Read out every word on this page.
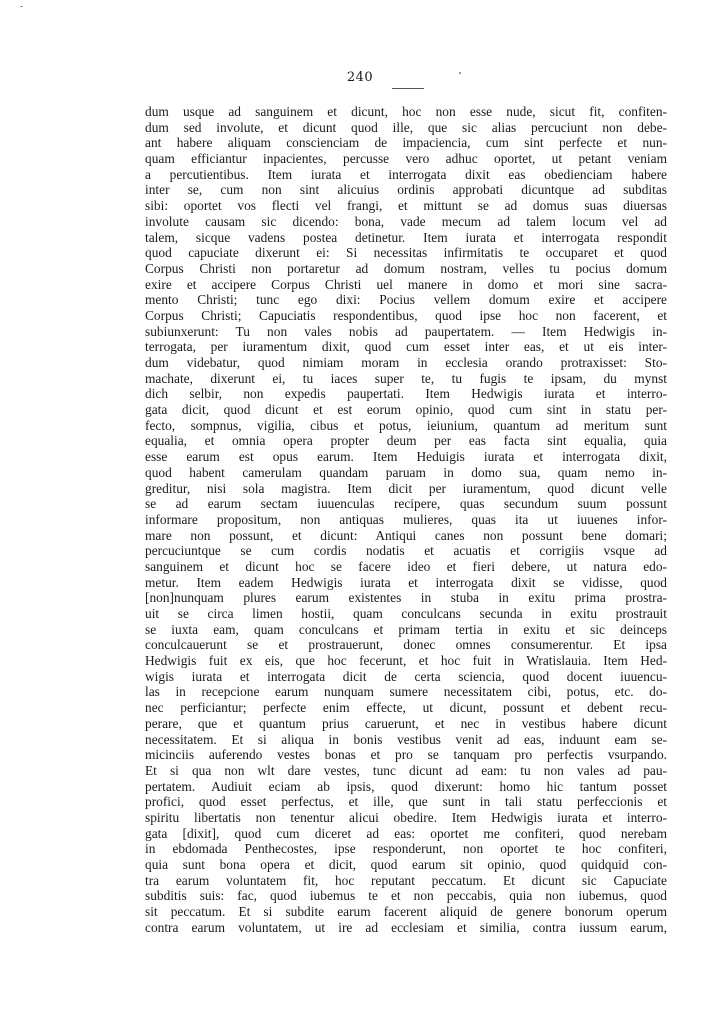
240
dum usque ad sanguinem et dicunt, hoc non esse nude, sicut fit, confiten-
dum sed involute, et dicunt quod ille, que sic alias percuciunt non debe-
ant habere aliquam conscienciam de impaciencia, cum sint perfecte et nun-
quam efficiantur inpacientes, percusse vero adhuc oportet, ut petant veniam
a percutientibus. Item iurata et interrogata dixit eas obedienciam habere
inter se, cum non sint alicuius ordinis approbati dicuntque ad subditas
sibi: oportet vos flecti vel frangi, et mittunt se ad domus suas diuersas
involute causam sic dicendo: bona, vade mecum ad talem locum vel ad
talem, sicque vadens postea detinetur. Item iurata et interrogata respondit
quod capuciate dixerunt ei: Si necessitas infirmitatis te occuparet et quod
Corpus Christi non portaretur ad domum nostram, velles tu pocius domum
exire et accipere Corpus Christi uel manere in domo et mori sine sacra-
mento Christi; tunc ego dixi: Pocius vellem domum exire et accipere
Corpus Christi; Capuciatis respondentibus, quod ipse hoc non facerent, et
subiunxerunt: Tu non vales nobis ad paupertatem. — Item Hedwigis in-
terrogata, per iuramentum dixit, quod cum esset inter eas, et ut eis inter-
dum videbatur, quod nimiam moram in ecclesia orando protraxisset: Sto-
machate, dixerunt ei, tu iaces super te, tu fugis te ipsam, du mynst
dich selbir, non expedis paupertati. Item Hedwigis iurata et interro-
gata dicit, quod dicunt et est eorum opinio, quod cum sint in statu per-
fecto, sompnus, vigilia, cibus et potus, ieiunium, quantum ad meritum sunt
equalia, et omnia opera propter deum per eas facta sint equalia, quia
esse earum est opus earum. Item Heduigis iurata et interrogata dixit,
quod habent camerulam quandam paruam in domo sua, quam nemo in-
greditur, nisi sola magistra. Item dicit per iuramentum, quod dicunt velle
se ad earum sectam iuuenculas recipere, quas secundum suum possunt
informare propositum, non antiquas mulieres, quas ita ut iuuenes infor-
mare non possunt, et dicunt: Antiqui canes non possunt bene domari;
percuciuntque se cum cordis nodatis et acuatis et corrigiis vsque ad
sanguinem et dicunt hoc se facere ideo et fieri debere, ut natura edo-
metur. Item eadem Hedwigis iurata et interrogata dixit se vidisse, quod
[non]nunquam plures earum existentes in stuba in exitu prima prostra-
uit se circa limen hostii, quam conculcans secunda in exitu prostrauit
se iuxta eam, quam conculcans et primam tertia in exitu et sic deinceps
conculcauerunt se et prostrauerunt, donec omnes consumerentur. Et ipsa
Hedwigis fuit ex eis, que hoc fecerunt, et hoc fuit in Wratislauia. Item Hed-
wigis iurata et interrogata dicit de certa sciencia, quod docent iuuencu-
las in recepcione earum nunquam sumere necessitatem cibi, potus, etc. do-
nec perficiantur; perfecte enim effecte, ut dicunt, possunt et debent recu-
perare, que et quantum prius caruerunt, et nec in vestibus habere dicunt
necessitatem. Et si aliqua in bonis vestibus venit ad eas, induunt eam se-
micinciis auferendo vestes bonas et pro se tanquam pro perfectis vsurpando.
Et si qua non wlt dare vestes, tunc dicunt ad eam: tu non vales ad pau-
pertatem. Audiuit eciam ab ipsis, quod dixerunt: homo hic tantum posset
profici, quod esset perfectus, et ille, que sunt in tali statu perfeccionis et
spiritu libertatis non tenentur alicui obedire. Item Hedwigis iurata et interro-
gata [dixit], quod cum diceret ad eas: oportet me confiteri, quod nerebam
in ebdomada Penthecostes, ipse responderunt, non oportet te hoc confiteri,
quia sunt bona opera et dicit, quod earum sit opinio, quod quidquid con-
tra earum voluntatem fit, hoc reputant peccatum. Et dicunt sic Capuciate
subditis suis: fac, quod iubemus te et non peccabis, quia non iubemus, quod
sit peccatum. Et si subdite earum facerent aliquid de genere bonorum operum
contra earum voluntatem, ut ire ad ecclesiam et similia, contra iussum earum,
